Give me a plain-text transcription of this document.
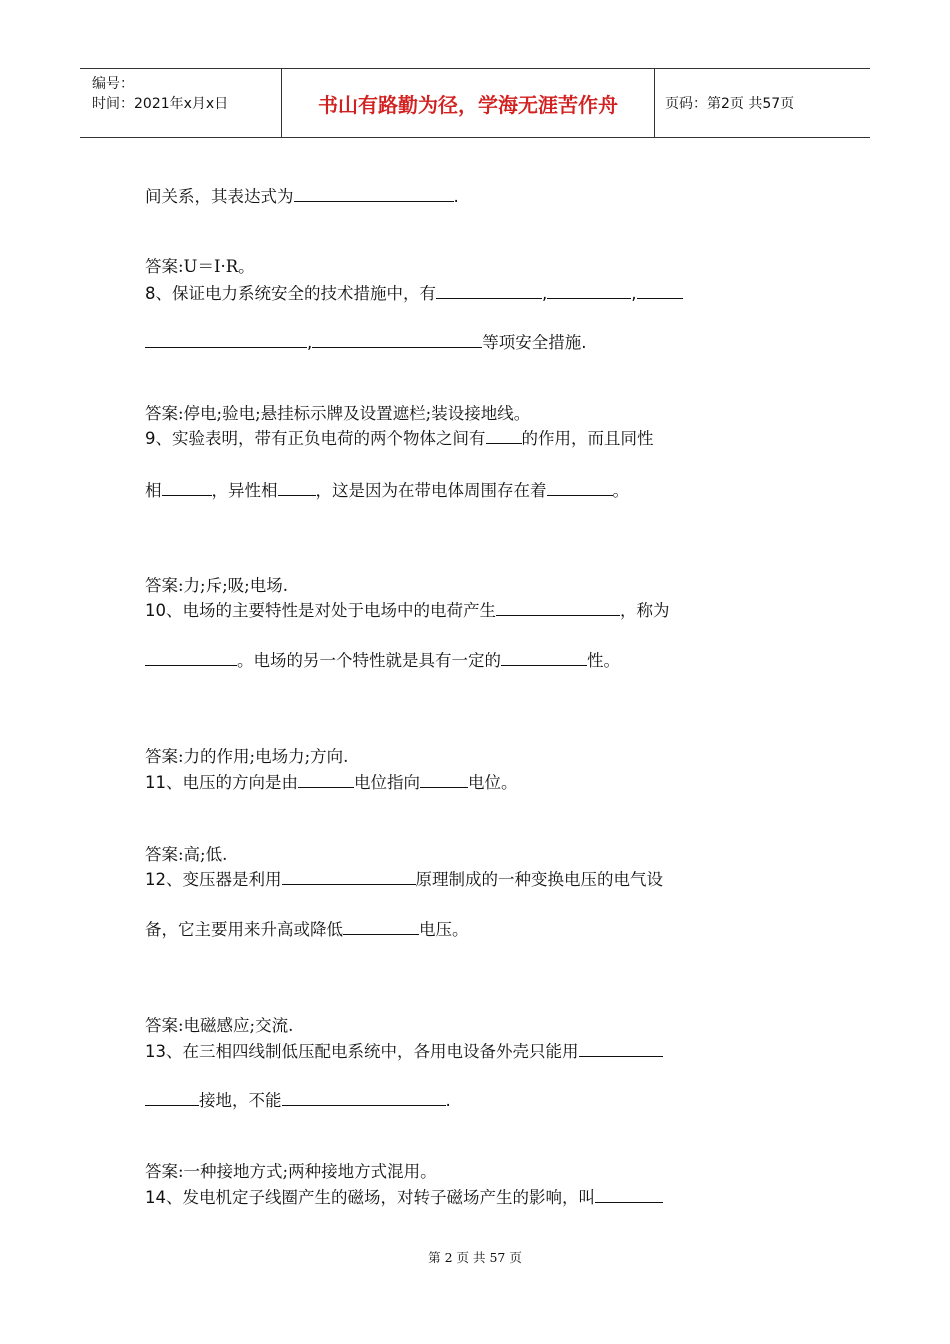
编号：
时间：2021年x月x日	书山有路勤为径，学海无涯苦作舟	页码：第2页 共57页
间关系，其表达式为	.
答案:U＝I·R。
8、保证电力系统安全的技术措施中，有	,	,
,	等项安全措施.
答案:停电;验电;悬挂标示牌及设置遮栏;装设接地线。
9、实验表明，带有正负电荷的两个物体之间有 的作用，而且同性
相	，异性相 ，这是因为在带电体周围存在着	。
答案:力;斥;吸;电场.
10、电场的主要特性是对处于电场中的电荷产生	，称为
。电场的另一个特性就是具有一定的	性。
答案:力的作用;电场力;方向.
11、电压的方向是由	电位指向	电位。
答案:高;低.
12、变压器是利用	原理制成的一种变换电压的电气设
备，它主要用来升高或降低	电压。
答案:电磁感应;交流.
13、在三相四线制低压配电系统中，各用电设备外壳只能用
接地，不能	.
答案:一种接地方式;两种接地方式混用。
14、发电机定子线圈产生的磁场，对转子磁场产生的影响，叫
第 2 页 共 57 页
